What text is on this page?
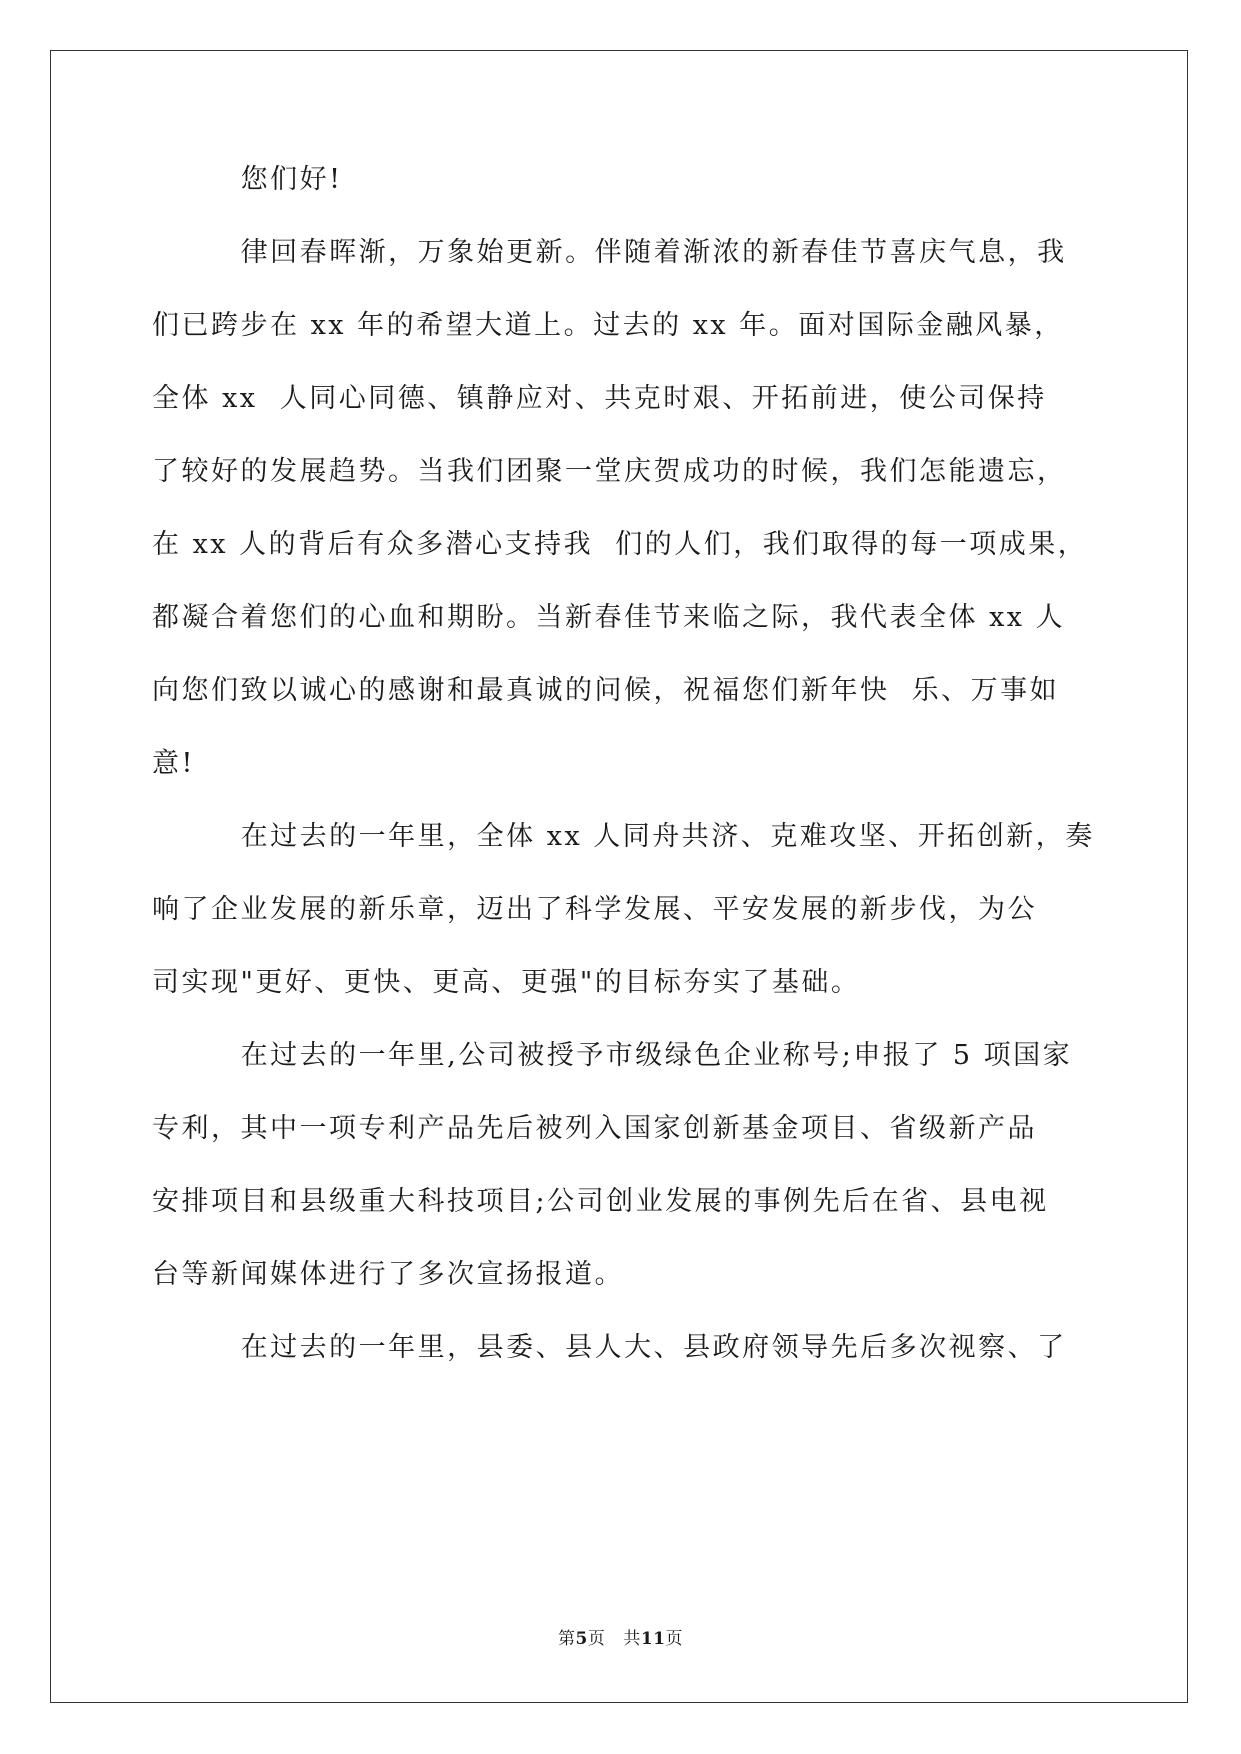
您们好!
律回春晖渐，万象始更新。伴随着渐浓的新春佳节喜庆气息，我
们已跨步在 xx 年的希望大道上。过去的 xx 年。面对国际金融风暴，
全体 xx  人同心同德、镇静应对、共克时艰、开拓前进，使公司保持
了较好的发展趋势。当我们团聚一堂庆贺成功的时候，我们怎能遗忘，
在 xx 人的背后有众多潜心支持我  们的人们，我们取得的每一项成果，
都凝合着您们的心血和期盼。当新春佳节来临之际，我代表全体 xx 人
向您们致以诚心的感谢和最真诚的问候，祝福您们新年快  乐、万事如
意!
在过去的一年里，全体 xx 人同舟共济、克难攻坚、开拓创新，奏
响了企业发展的新乐章，迈出了科学发展、平安发展的新步伐，为公
司实现"更好、更快、更高、更强"的目标夯实了基础。
在过去的一年里,公司被授予市级绿色企业称号;申报了 5 项国家
专利，其中一项专利产品先后被列入国家创新基金项目、省级新产品
安排项目和县级重大科技项目;公司创业发展的事例先后在省、县电视
台等新闻媒体进行了多次宣扬报道。
在过去的一年里，县委、县人大、县政府领导先后多次视察、了
第5页 共11页
